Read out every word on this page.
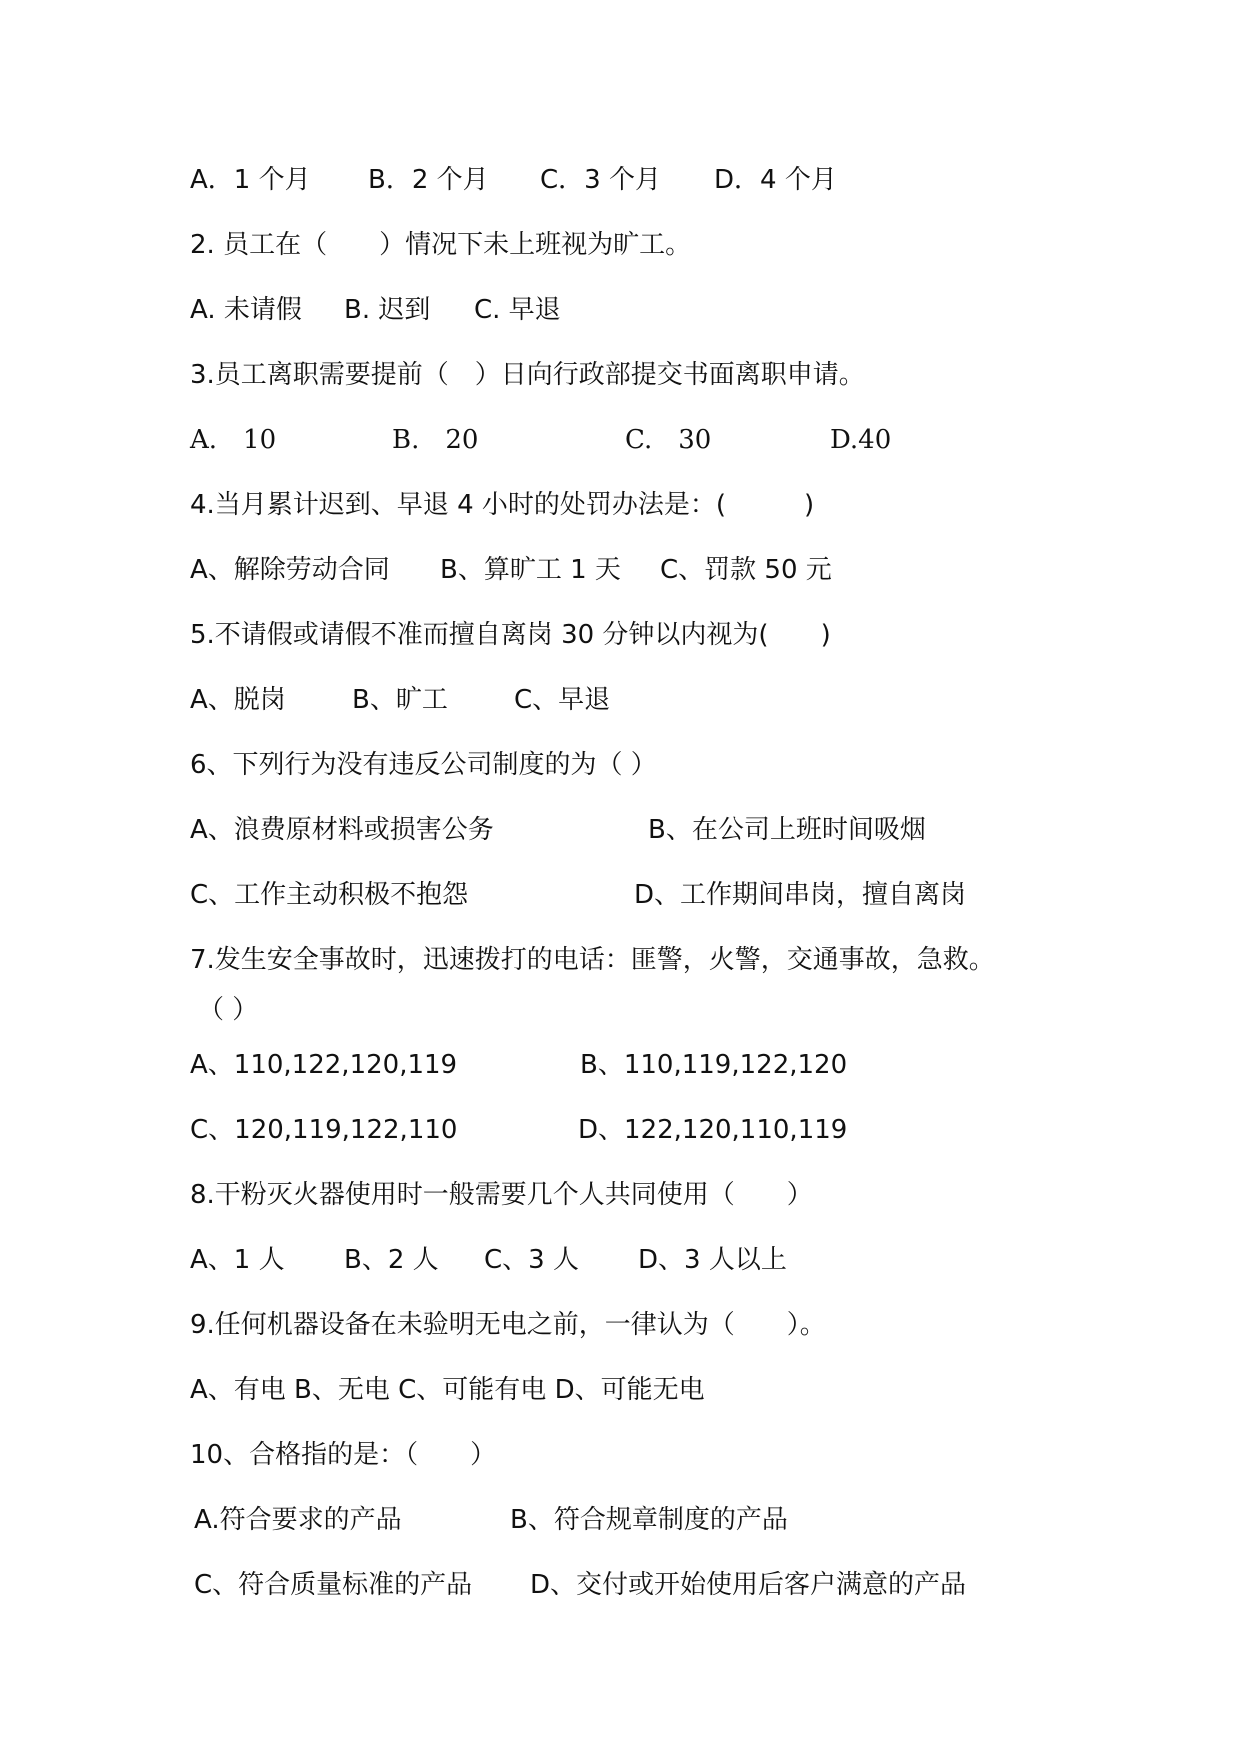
A．1 个月 B．2 个月 C．3 个月 D．4 个月
2. 员工在（　　）情况下未上班视为旷工。
A. 未请假 B. 迟到 C. 早退
3.员工离职需要提前（　）日向行政部提交书面离职申请。
A.　10	B.　20	C.　30	D.40
4.当月累计迟到、早退 4 小时的处罚办法是：(　　　)
A、解除劳动合同 B、算旷工 1 天 C、罚款 50 元
5.不请假或请假不准而擅自离岗 30 分钟以内视为(　　)
A、脱岗	B、旷工	C、早退
6、下列行为没有违反公司制度的为（ ）
A、浪费原材料或损害公务	B、在公司上班时间吸烟
C、工作主动积极不抱怨	D、工作期间串岗，擅自离岗
7.发生安全事故时，迅速拨打的电话：匪警，火警，交通事故，急救。
（ ）
A、110,122,120,119	B、110,119,122,120
C、120,119,122,110	D、122,120,110,119
8.干粉灭火器使用时一般需要几个人共同使用（　　）
A、1 人 B、2 人 C、3 人 D、3 人以上
9.任何机器设备在未验明无电之前，一律认为（　　）。
A、有电 B、无电 C、可能有电 D、可能无电
10、合格指的是：（　　）
A.符合要求的产品	B、符合规章制度的产品
C、符合质量标准的产品 D、交付或开始使用后客户满意的产品
